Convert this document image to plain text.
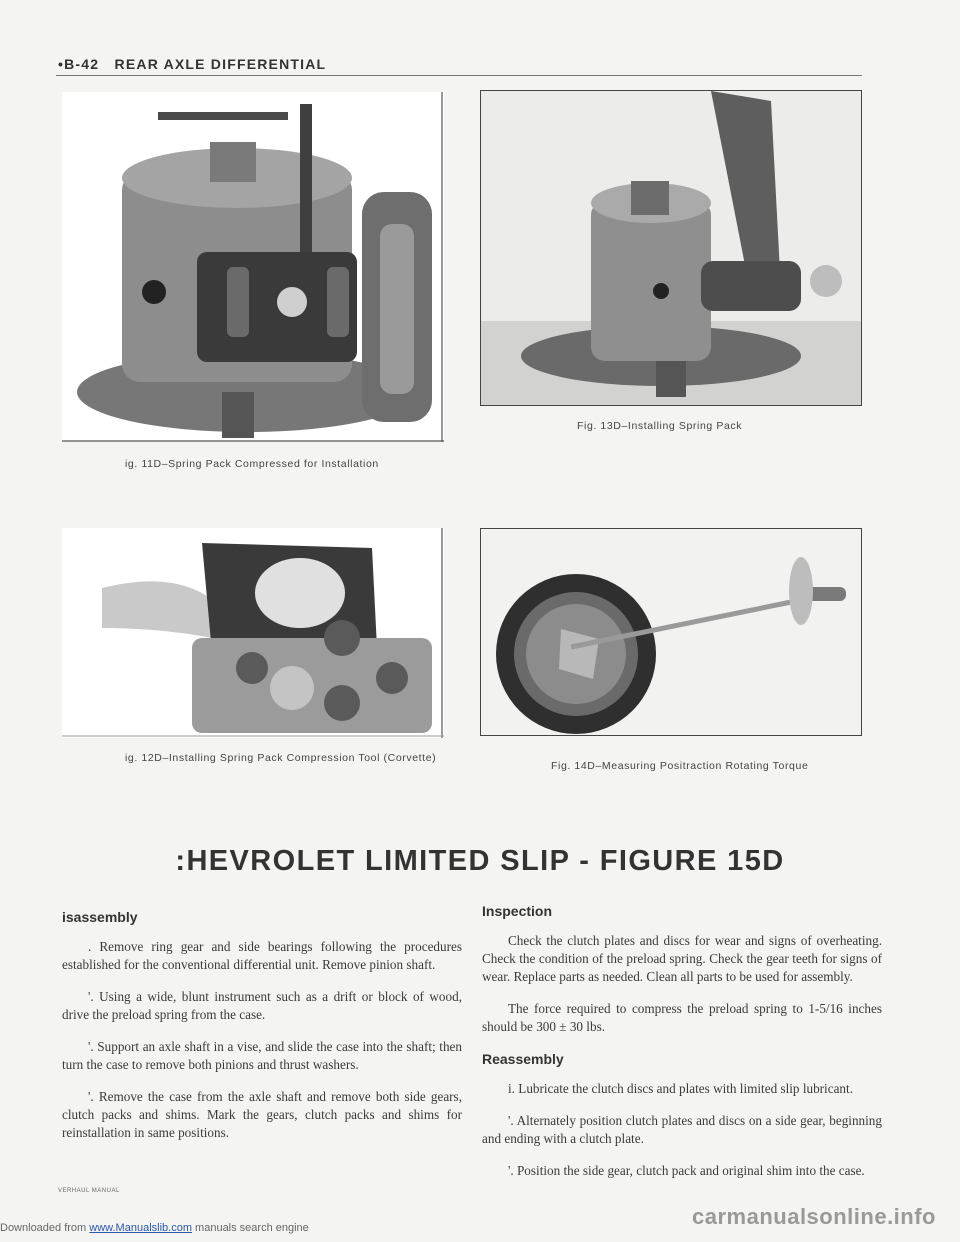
•B-42 REAR AXLE DIFFERENTIAL
ig. 11D–Spring Pack Compressed for Installation
Fig. 13D–Installing Spring Pack
ig. 12D–Installing Spring Pack Compression Tool (Corvette)
Fig. 14D–Measuring Positraction Rotating Torque
:HEVROLET LIMITED SLIP - FIGURE 15D
isassembly

. Remove ring gear and side bearings following the procedures established for the conventional differential unit. Remove pinion shaft.

'. Using a wide, blunt instrument such as a drift or block of wood, drive the preload spring from the case.

'. Support an axle shaft in a vise, and slide the case into the shaft; then turn the case to remove both pinions and thrust washers.

'. Remove the case from the axle shaft and remove both side gears, clutch packs and shims. Mark the gears, clutch packs and shims for reinstallation in same positions.

Inspection

Check the clutch plates and discs for wear and signs of overheating. Check the condition of the preload spring. Check the gear teeth for signs of wear. Replace parts as needed. Clean all parts to be used for assembly.

The force required to compress the preload spring to 1-5/16 inches should be 300 ± 30 lbs.

Reassembly

i. Lubricate the clutch discs and plates with limited slip lubricant.

'. Alternately position clutch plates and discs on a side gear, beginning and ending with a clutch plate.

'. Position the side gear, clutch pack and original shim into the case.

VERHAUL MANUAL
Downloaded from www.Manualslib.com manuals search engine	carmanualsonline.info
